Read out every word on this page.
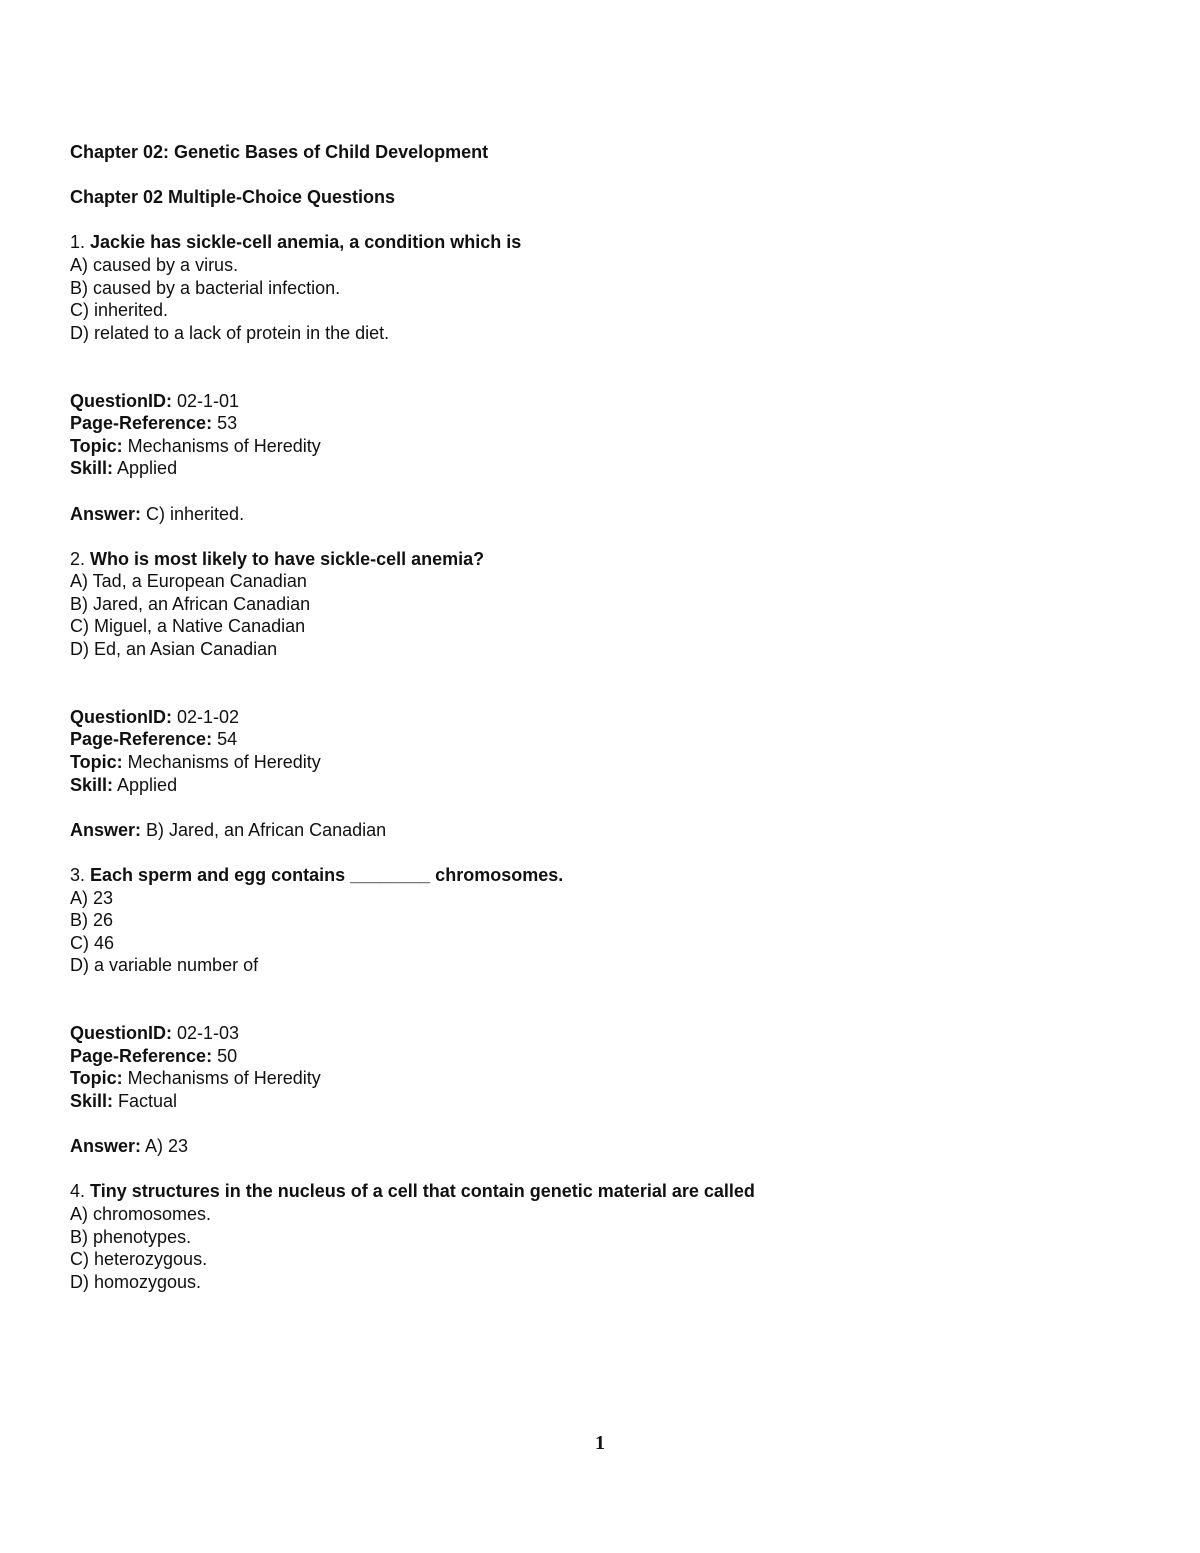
Chapter 02: Genetic Bases of Child Development
Chapter 02 Multiple-Choice Questions
1. Jackie has sickle-cell anemia, a condition which is
A) caused by a virus.
B) caused by a bacterial infection.
C) inherited.
D) related to a lack of protein in the diet.
QuestionID: 02-1-01
Page-Reference: 53
Topic: Mechanisms of Heredity
Skill: Applied
Answer: C) inherited.
2. Who is most likely to have sickle-cell anemia?
A) Tad, a European Canadian
B) Jared, an African Canadian
C) Miguel, a Native Canadian
D) Ed, an Asian Canadian
QuestionID: 02-1-02
Page-Reference: 54
Topic: Mechanisms of Heredity
Skill: Applied
Answer: B) Jared, an African Canadian
3. Each sperm and egg contains ________ chromosomes.
A) 23
B) 26
C) 46
D) a variable number of
QuestionID: 02-1-03
Page-Reference: 50
Topic: Mechanisms of Heredity
Skill: Factual
Answer: A) 23
4. Tiny structures in the nucleus of a cell that contain genetic material are called
A) chromosomes.
B) phenotypes.
C) heterozygous.
D) homozygous.
1
